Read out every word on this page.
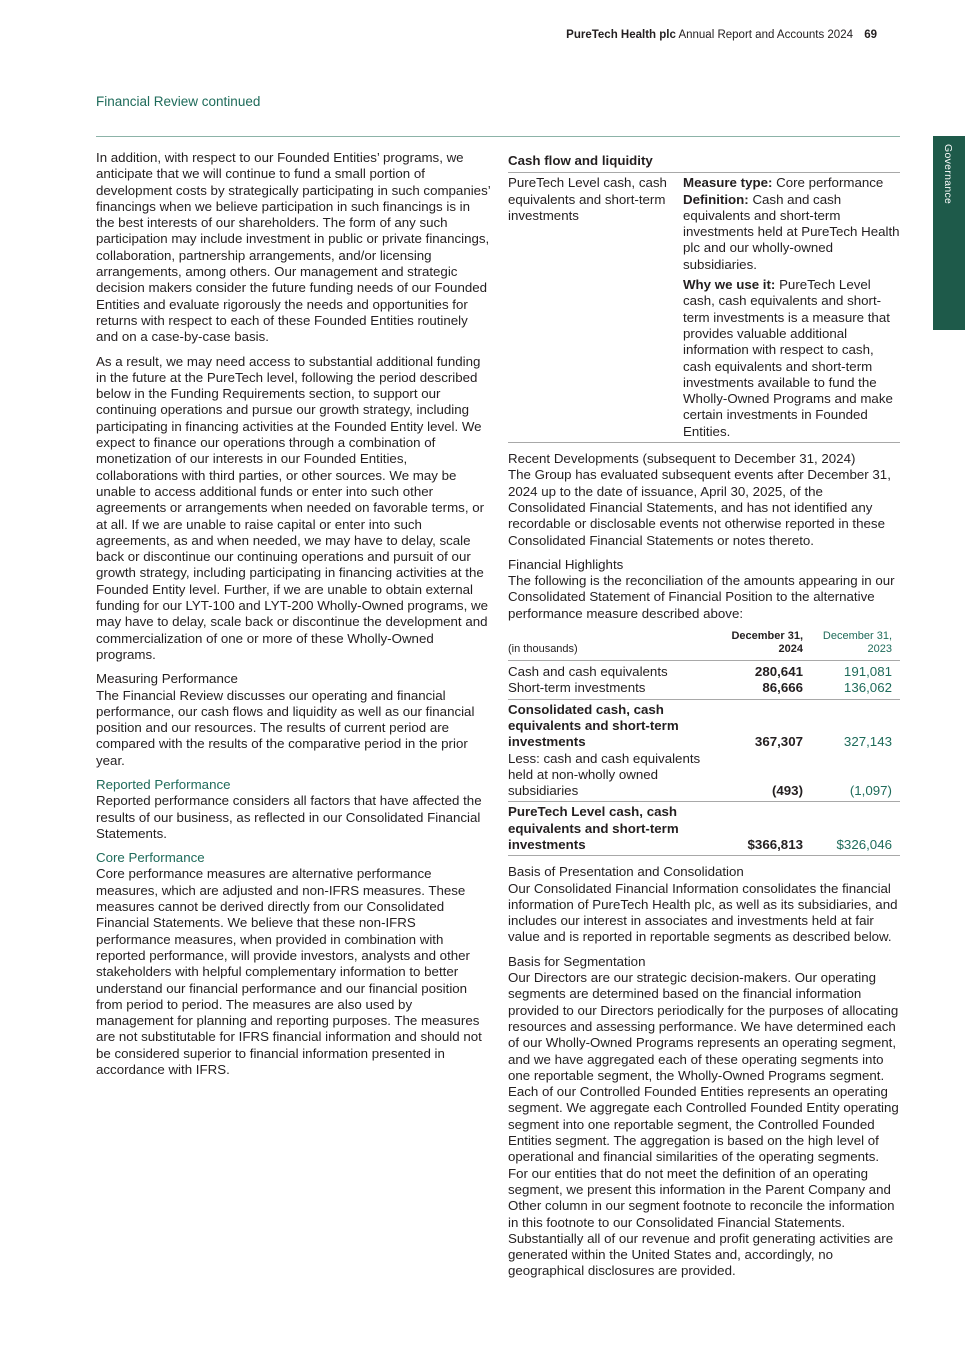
PureTech Health plc Annual Report and Accounts 2024 69
Financial Review continued
Governance

In addition, with respect to our Founded Entities’ programs, we anticipate that we will continue to fund a small portion of development costs by strategically participating in such companies’ financings when we believe participation in such financings is in the best interests of our shareholders. The form of any such participation may include investment in public or private financings, collaboration, partnership arrangements, and/or licensing arrangements, among others. Our management and strategic decision makers consider the future funding needs of our Founded Entities and evaluate rigorously the needs and opportunities for returns with respect to each of these Founded Entities routinely and on a case-by-case basis.

As a result, we may need access to substantial additional funding in the future at the PureTech level, following the period described below in the Funding Requirements section, to support our continuing operations and pursue our growth strategy, including participating in financing activities at the Founded Entity level. We expect to finance our operations through a combination of monetization of our interests in our Founded Entities, collaborations with third parties, or other sources. We may be unable to access additional funds or enter into such other agreements or arrangements when needed on favorable terms, or at all. If we are unable to raise capital or enter into such agreements, as and when needed, we may have to delay, scale back or discontinue our continuing operations and pursuit of our growth strategy, including participating in financing activities at the Founded Entity level. Further, if we are unable to obtain external funding for our LYT-100 and LYT-200 Wholly-Owned programs, we may have to delay, scale back or discontinue the development and commercialization of one or more of these Wholly-Owned programs.

Measuring Performance
The Financial Review discusses our operating and financial performance, our cash flows and liquidity as well as our financial position and our resources. The results of current period are compared with the results of the comparative period in the prior year.

Reported Performance
Reported performance considers all factors that have affected the results of our business, as reflected in our Consolidated Financial Statements.

Core Performance
Core performance measures are alternative performance measures, which are adjusted and non-IFRS measures. These measures cannot be derived directly from our Consolidated Financial Statements. We believe that these non-IFRS performance measures, when provided in combination with reported performance, will provide investors, analysts and other stakeholders with helpful complementary information to better understand our financial performance and our financial position from period to period. The measures are also used by management for planning and reporting purposes. The measures are not substitutable for IFRS financial information and should not be considered superior to financial information presented in accordance with IFRS.

Cash flow and liquidity
PureTech Level cash, cash equivalents and short-term investments
Measure type: Core performance
Definition: Cash and cash equivalents and short-term investments held at PureTech Health plc and our wholly-owned subsidiaries.
Why we use it: PureTech Level cash, cash equivalents and short-term investments is a measure that provides valuable additional information with respect to cash, cash equivalents and short-term investments available to fund the Wholly-Owned Programs and make certain investments in Founded Entities.

Recent Developments (subsequent to December 31, 2024)
The Group has evaluated subsequent events after December 31, 2024 up to the date of issuance, April 30, 2025, of the Consolidated Financial Statements, and has not identified any recordable or disclosable events not otherwise reported in these Consolidated Financial Statements or notes thereto.

Financial Highlights
The following is the reconciliation of the amounts appearing in our Consolidated Statement of Financial Position to the alternative performance measure described above:

(in thousands)
December 31, 2024
December 31, 2023
Cash and cash equivalents	280,641	191,081
Short-term investments	86,666	136,062
Consolidated cash, cash equivalents and short-term investments	367,307	327,143
Less: cash and cash equivalents held at non-wholly owned subsidiaries	(493)	(1,097)
PureTech Level cash, cash equivalents and short-term investments	$366,813	$326,046

Basis of Presentation and Consolidation
Our Consolidated Financial Information consolidates the financial information of PureTech Health plc, as well as its subsidiaries, and includes our interest in associates and investments held at fair value and is reported in reportable segments as described below.

Basis for Segmentation
Our Directors are our strategic decision-makers. Our operating segments are determined based on the financial information provided to our Directors periodically for the purposes of allocating resources and assessing performance. We have determined each of our Wholly-Owned Programs represents an operating segment, and we have aggregated each of these operating segments into one reportable segment, the Wholly-Owned Programs segment. Each of our Controlled Founded Entities represents an operating segment. We aggregate each Controlled Founded Entity operating segment into one reportable segment, the Controlled Founded Entities segment. The aggregation is based on the high level of operational and financial similarities of the operating segments. For our entities that do not meet the definition of an operating segment, we present this information in the Parent Company and Other column in our segment footnote to reconcile the information in this footnote to our Consolidated Financial Statements. Substantially all of our revenue and profit generating activities are generated within the United States and, accordingly, no geographical disclosures are provided.
